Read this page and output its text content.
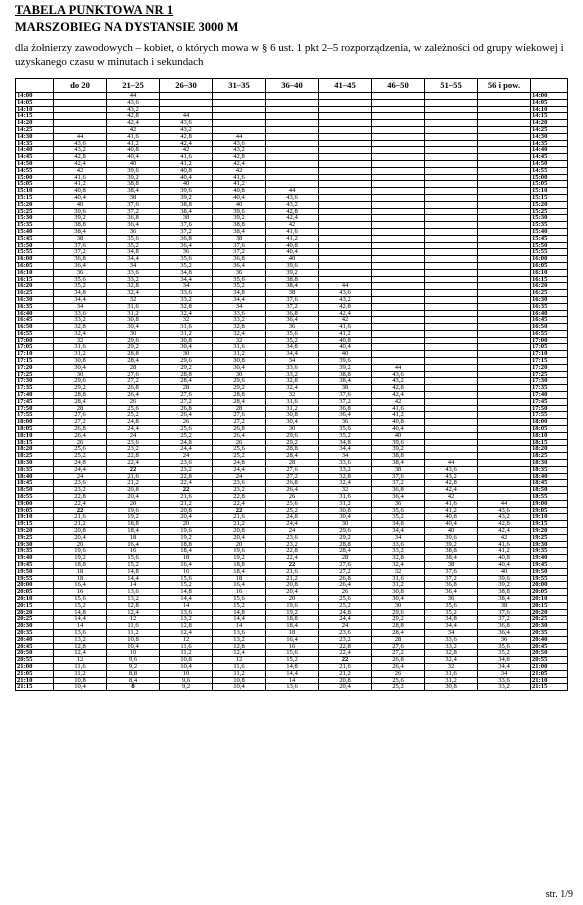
TABELA PUNKTOWA NR 1
MARSZOBIEG NA DYSTANSIE 3000 M
dla żołnierzy zawodowych – kobiet, o których mowa w § 6 ust. 1 pkt 2–5 rozporządzenia, w zależności od grupy wiekowej i uzyskanego czasu w minutach i sekundach
	do 20	21–25	26–30	31–35	36–40	41–45	46–50	51–55	56 i pow.	
14:00		44								14:00
14:05		43,6								14:05
14:10		43,2								14:10
14:15		42,8	44							14:15
14:20		42,4	43,6							14:20
14:25		42	43,2							14:25
14:30	44	41,6	42,8	44						14:30
14:35	43,6	41,2	42,4	43,6						14:35
14:40	43,2	40,8	42	43,2						14:40
14:45	42,8	40,4	41,6	42,8						14:45
14:50	42,4	40	41,2	42,4						14:50
14:55	42	39,6	40,8	42						14:55
15:00	41,6	39,2	40,4	41,6						15:00
15:05	41,2	38,8	40	41,2						15:05
15:10	40,8	38,4	39,6	40,8	44					15:10
15:15	40,4	38	39,2	40,4	43,6					15:15
15:20	40	37,6	38,8	40	43,2					15:20
15:25	39,6	37,2	38,4	39,6	42,8					15:25
15:30	39,2	36,8	38	39,2	42,4					15:30
15:35	38,8	36,4	37,6	38,8	42					15:35
15:40	38,4	36	37,2	38,4	41,6					15:40
15:45	38	35,6	36,8	38	41,2					15:45
15:50	37,6	35,2	36,4	37,6	40,8					15:50
15:55	37,2	34,8	36	37,2	40,4					15:55
16:00	36,8	34,4	35,6	36,8	40					16:00
16:05	36,4	34	35,2	36,4	39,6					16:05
16:10	36	33,6	34,8	36	39,2					16:10
16:15	35,6	33,2	34,4	35,6	38,8					16:15
16:20	35,2	32,8	34	35,2	38,4	44				16:20
16:25	34,8	32,4	33,6	34,8	38	43,6				16:25
16:30	34,4	32	33,2	34,4	37,6	43,2				16:30
16:35	34	31,6	32,8	34	37,2	42,8				16:35
16:40	33,6	31,2	32,4	33,6	36,8	42,4				16:40
16:45	33,2	30,8	32	33,2	36,4	42				16:45
16:50	32,8	30,4	31,6	32,8	36	41,6				16:50
16:55	32,4	30	31,2	32,4	35,6	41,2				16:55
17:00	32	29,6	30,8	32	35,2	40,8				17:00
17:05	31,6	29,2	30,4	31,6	34,8	40,4				17:05
17:10	31,2	28,8	30	31,2	34,4	40				17:10
17:15	30,8	28,4	29,6	30,8	34	39,6				17:15
17:20	30,4	28	29,2	30,4	33,6	39,2	44			17:20
17:25	30	27,6	28,8	30	33,2	38,8	43,6			17:25
17:30	29,6	27,2	28,4	29,6	32,8	38,4	43,2			17:30
17:35	29,2	26,8	28	29,2	32,4	38	42,8			17:35
17:40	28,8	26,4	27,6	28,8	32	37,6	42,4			17:40
17:45	28,4	26	27,2	28,4	31,6	37,2	42			17:45
17:50	28	25,6	26,8	28	31,2	36,8	41,6			17:50
17:55	27,6	25,2	26,4	27,6	30,8	36,4	41,2			17:55
18:00	27,2	24,8	26	27,2	30,4	36	40,8			18:00
18:05	26,8	24,4	25,6	26,8	30	35,6	40,4			18:05
18:10	26,4	24	25,2	26,4	29,6	35,2	40			18:10
18:15	26	23,6	24,8	26	29,2	34,8	39,6			18:15
18:20	25,6	23,2	24,4	25,6	28,8	34,4	39,2			18:20
18:25	25,2	22,8	24	25,2	28,4	34	38,8			18:25
18:30	24,8	22,4	23,6	24,8	28	33,6	38,4	44		18:30
18:35	24,4	22	23,2	24,4	27,6	33,2	38	43,6		18:35
18:40	24	21,6	22,8	24	27,2	32,8	37,6	43,2		18:40
18:45	23,6	21,2	22,4	23,6	26,8	32,4	37,2	42,8		18:45
18:50	23,2	20,8	22	23,2	26,4	32	36,8	42,4		18:50
18:55	22,8	20,4	21,6	22,8	26	31,6	36,4	42		18:55
19:00	22,4	20	21,2	22,4	25,6	31,2	36	41,6	44	19:00
19:05	22	19,6	20,8	22	25,2	30,8	35,6	41,2	43,6	19:05
19:10	21,6	19,2	20,4	21,6	24,8	30,4	35,2	40,8	43,2	19:10
19:15	21,2	18,8	20	21,2	24,4	30	34,8	40,4	42,8	19:15
19:20	20,8	18,4	19,6	20,8	24	29,6	34,4	40	42,4	19:20
19:25	20,4	18	19,2	20,4	23,6	29,2	34	39,6	42	19:25
19:30	20	16,4	18,8	20	23,2	28,8	33,6	39,2	41,6	19:30
19:35	19,6	16	18,4	19,6	22,8	28,4	33,2	38,8	41,2	19:35
19:40	19,2	15,6	18	19,2	22,4	28	32,8	38,4	40,8	19:40
19:45	18,8	15,2	16,4	18,8	22	27,6	32,4	38	40,4	19:45
19:50	18	14,8	16	18,4	21,6	27,2	32	37,6	40	19:50
19:55	18	14,4	15,6	18	21,2	26,8	31,6	37,2	39,6	19:55
20:00	16,4	14	15,2	16,4	20,8	26,4	31,2	36,8	39,2	20:00
20:05	16	13,6	14,8	16	20,4	26	30,8	36,4	38,8	20:05
20:10	15,6	13,2	14,4	15,6	20	25,6	30,4	36	38,4	20:10
20:15	15,2	12,8	14	15,2	19,6	25,2	30	35,6	38	20:15
20:20	14,8	12,4	13,6	14,8	19,2	24,8	29,6	35,2	37,6	20:20
20:25	14,4	12	13,2	14,4	18,8	24,4	29,2	34,8	37,2	20:25
20:30	14	11,6	12,8	14	18,4	24	28,8	34,4	36,8	20:30
20:35	13,6	11,2	12,4	13,6	18	23,6	28,4	34	36,4	20:35
20:40	13,2	10,8	12	13,2	16,4	23,2	28	33,6	36	20:40
20:45	12,8	10,4	11,6	12,8	16	22,8	27,6	33,2	35,6	20:45
20:50	12,4	10	11,2	12,4	15,6	22,4	27,2	32,8	35,2	20:50
20:55	12	9,6	10,8	12	15,2	22	26,8	32,4	34,8	20:55
21:00	11,6	9,2	10,4	11,6	14,8	21,6	26,4	32	34,4	21:00
21:05	11,2	8,8	10	11,2	14,4	21,2	26	31,6	34	21:05
21:10	10,8	8,4	9,6	10,8	14	20,8	25,6	31,2	33,6	21:10
21:15	10,4	8	9,2	10,4	13,6	20,4	25,2	30,8	33,2	21:15
str. 1/9
